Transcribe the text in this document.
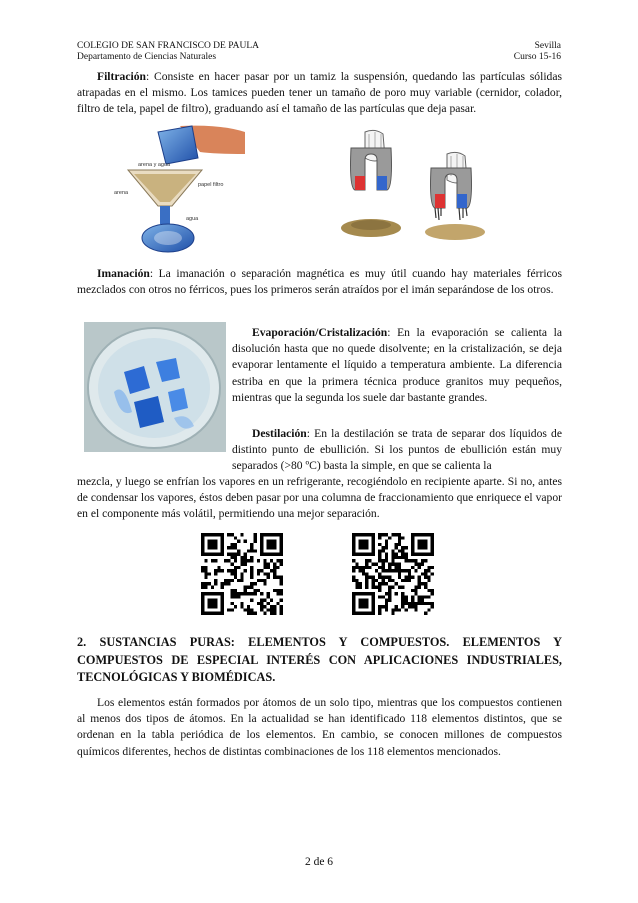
COLEGIO DE SAN FRANCISCO DE PAULA
Departamento de Ciencias Naturales
Sevilla
Curso 15-16

Filtración: Consiste en hacer pasar por un tamiz la suspensión, quedando las partículas sólidas atrapadas en el mismo. Los tamices pueden tener un tamaño de poro muy variable (cernidor, colador, filtro de tela, papel de filtro), graduando así el tamaño de las partículas que deja pasar.

arena y agua
papel filtro
arena
agua

Imanación: La imanación o separación magnética es muy útil cuando hay materiales férricos mezclados con otros no férricos, pues los primeros serán atraídos por el imán separándose de los otros.

Evaporación/Cristalización: En la evaporación se calienta la disolución hasta que no quede disolvente; en la cristalización, se deja evaporar lentamente el líquido a temperatura ambiente. La diferencia estriba en que la primera técnica produce granitos muy pequeños, mientras que la segunda los suele dar bastante grandes.

Destilación: En la destilación se trata de separar dos líquidos de distinto punto de ebullición. Si los puntos de ebullición están muy separados (>80 ºC) basta la simple, en que se calienta la

mezcla, y luego se enfrían los vapores en un refrigerante, recogiéndolo en recipiente aparte. Si no, antes de condensar los vapores, éstos deben pasar por una columna de fraccionamiento que enriquece el vapor en el componente más volátil, permitiendo una mejor separación.

2. SUSTANCIAS PURAS: ELEMENTOS Y COMPUESTOS. ELEMENTOS Y COMPUESTOS DE ESPECIAL INTERÉS CON APLICACIONES INDUSTRIALES, TECNOLÓGICAS Y BIOMÉDICAS.

Los elementos están formados por átomos de un solo tipo, mientras que los compuestos contienen al menos dos tipos de átomos. En la actualidad se han identificado 118 elementos distintos, que se ordenan en la tabla periódica de los elementos. En cambio, se conocen millones de compuestos químicos diferentes, hechos de distintas combinaciones de los 118 elementos mencionados.

2 de 6
